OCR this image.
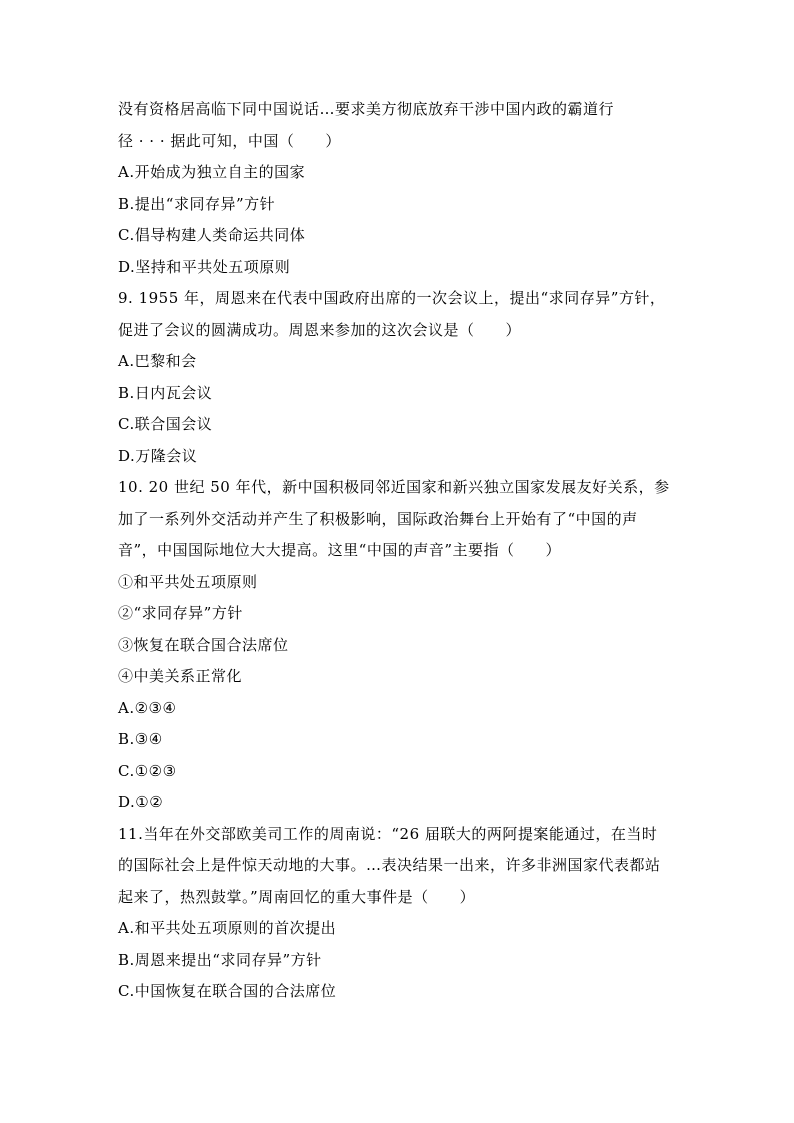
没有资格居高临下同中国说话…要求美方彻底放弃干涉中国内政的霸道行
径 · · · 据此可知，中国（　　）
A.开始成为独立自主的国家
B.提出“求同存异”方针
C.倡导构建人类命运共同体
D.坚持和平共处五项原则
9. 1955 年，周恩来在代表中国政府出席的一次会议上，提出“求同存异”方针，
促进了会议的圆满成功。周恩来参加的这次会议是（　　）
A.巴黎和会
B.日内瓦会议
C.联合国会议
D.万隆会议
10. 20 世纪 50 年代，新中国积极同邻近国家和新兴独立国家发展友好关系，参
加了一系列外交活动并产生了积极影响，国际政治舞台上开始有了“中国的声
音”，中国国际地位大大提高。这里“中国的声音”主要指（　　）
①和平共处五项原则
②“求同存异”方针
③恢复在联合国合法席位
④中美关系正常化
A.②③④
B.③④
C.①②③
D.①②
11.当年在外交部欧美司工作的周南说：“26 届联大的两阿提案能通过，在当时
的国际社会上是件惊天动地的大事。…表决结果一出来，许多非洲国家代表都站
起来了，热烈鼓掌。”周南回忆的重大事件是（　　）
A.和平共处五项原则的首次提出
B.周恩来提出“求同存异”方针
C.中国恢复在联合国的合法席位
